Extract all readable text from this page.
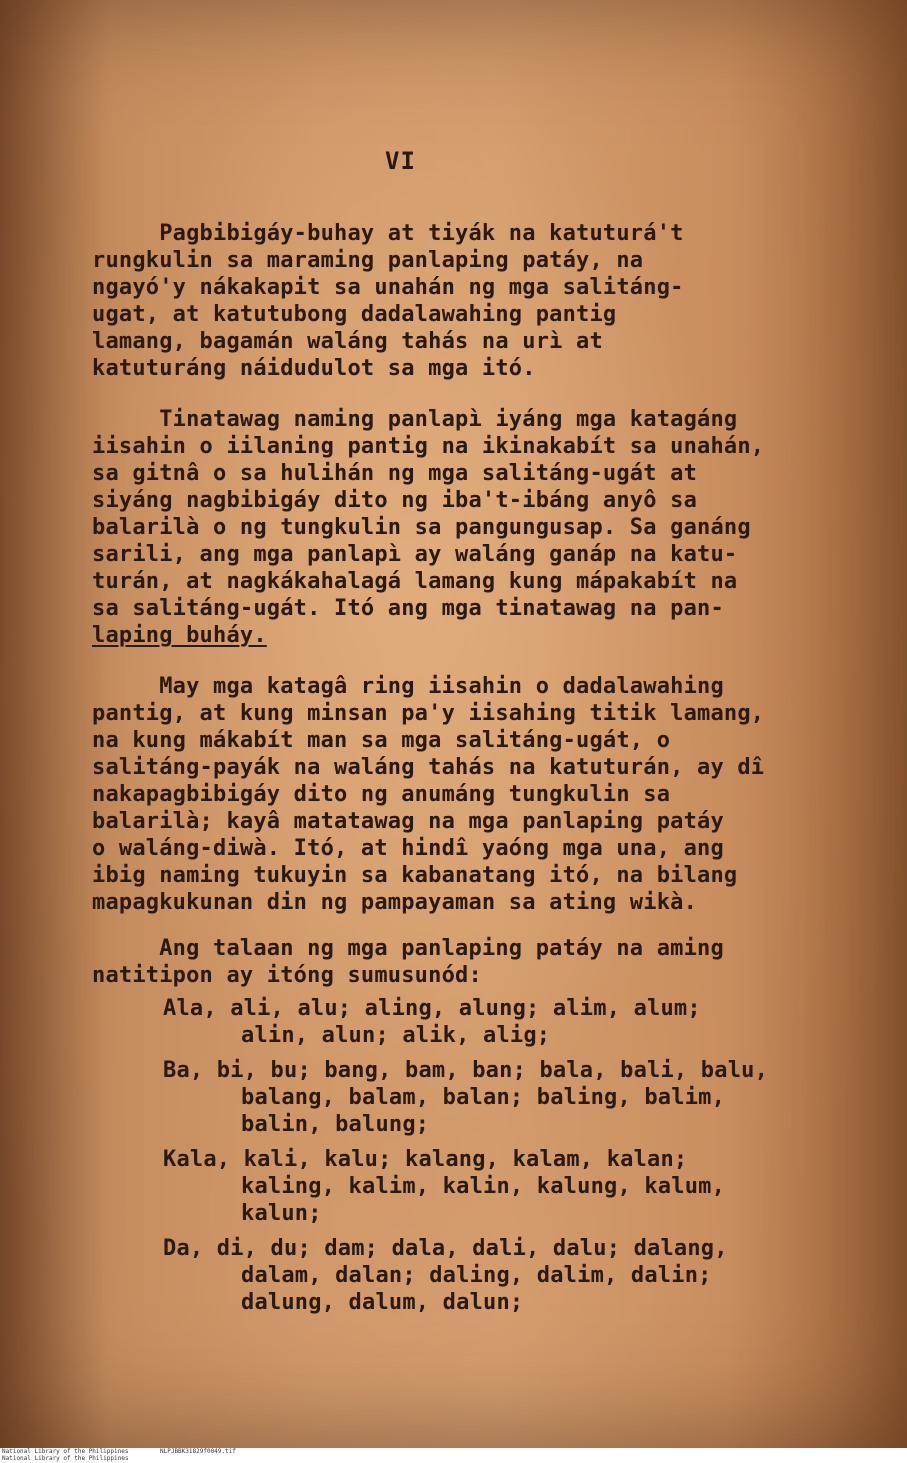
VI
Pagbibigáy-buhay at tiyák na katuturá't
rungkulin sa maraming panlaping patáy, na
ngayó'y nákakapit sa unahán ng mga salitáng-
ugat, at katutubong dadalawahing pantig
lamang, bagamán waláng tahás na urì at
katuturáng náidudulot sa mga itó.
Tinatawag naming panlapì iyáng mga katagáng
iisahin o iilaning pantig na ikinakabít sa unahán,
sa gitnâ o sa hulihán ng mga salitáng-ugát at
siyáng nagbibigáy dito ng iba't-ibáng anyô sa
balarilà o ng tungkulin sa pangungusap. Sa ganáng
sarili, ang mga panlapì ay waláng ganáp na katu-
turán, at nagkákahalagá lamang kung mápakabít na
sa salitáng-ugát. Itó ang mga tinatawag na pan-
laping buháy.
May mga katagâ ring iisahin o dadalawahing
pantig, at kung minsan pa'y iisahing titik lamang,
na kung mákabít man sa mga salitáng-ugát, o
salitáng-payák na waláng tahás na katuturán, ay dî
nakapagbibigáy dito ng anumáng tungkulin sa
balarilà; kayâ matatawag na mga panlaping patáy
o waláng-diwà. Itó, at hindî yaóng mga una, ang
ibig naming tukuyin sa kabanatang itó, na bilang
mapagkukunan din ng pampayaman sa ating wikà.
Ang talaan ng mga panlaping patáy na aming
natitipon ay itóng sumusunód:
Ala, ali, alu; aling, alung; alim, alum;
alin, alun; alik, alig;
Ba, bi, bu; bang, bam, ban; bala, bali, balu,
balang, balam, balan; baling, balim,
balin, balung;
Kala, kali, kalu; kalang, kalam, kalan;
kaling, kalim, kalin, kalung, kalum,
kalun;
Da, di, du; dam; dala, dali, dalu; dalang,
dalam, dalan; daling, dalim, dalin;
dalung, dalum, dalun;
National Library of the Philippines
National Library of the Philippines
NLPJBBK31829f0049.tif
